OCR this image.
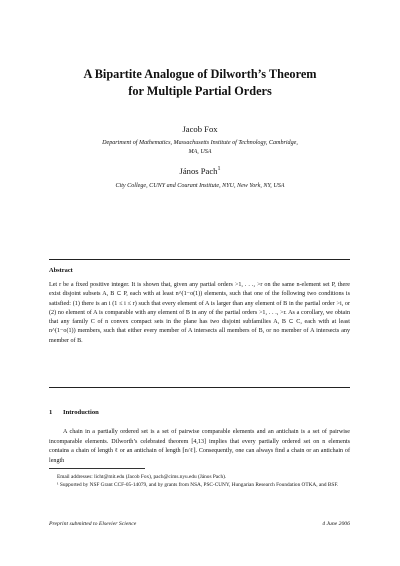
A Bipartite Analogue of Dilworth’s Theorem
for Multiple Partial Orders
Jacob Fox
Department of Mathematics, Massachusetts Institute of Technology, Cambridge,
MA, USA
János Pach$^1$
City College, CUNY and Courant Institute, NYU, New York, NY, USA
Abstract
Let r be a fixed positive integer. It is shown that, given any partial orders >1, . . ., >r on the same n-element set P, there exist disjoint subsets A, B ⊂ P, each with at least n^(1−o(1)) elements, such that one of the following two conditions is satisfied: (1) there is an i (1 ≤ i ≤ r) such that every element of A is larger than any element of B in the partial order >i, or (2) no element of A is comparable with any element of B in any of the partial orders >1, . . ., >r. As a corollary, we obtain that any family C of n convex compact sets in the plane has two disjoint subfamilies A, B ⊂ C, each with at least n^(1−o(1)) members, such that either every member of A intersects all members of B, or no member of A intersects any member of B.
1 Introduction

A chain in a partially ordered set is a set of pairwise comparable elements and an antichain is a set of pairwise incomparable elements. Dilworth’s celebrated theorem [4,13] implies that every partially ordered set on n elements contains a chain of length ℓ or an antichain of length ⌈n/ℓ⌉. Consequently, one can always find a chain or an antichain of length

Email addresses: licht@mit.edu (Jacob Fox), pach@cims.nyu.edu (János Pach).
¹ Supported by NSF Grant CCF-05-14079, and by grants from NSA, PSC-CUNY, Hungarian Research Foundation OTKA, and BSF.
Preprint submitted to Elsevier Science	4 June 2006
